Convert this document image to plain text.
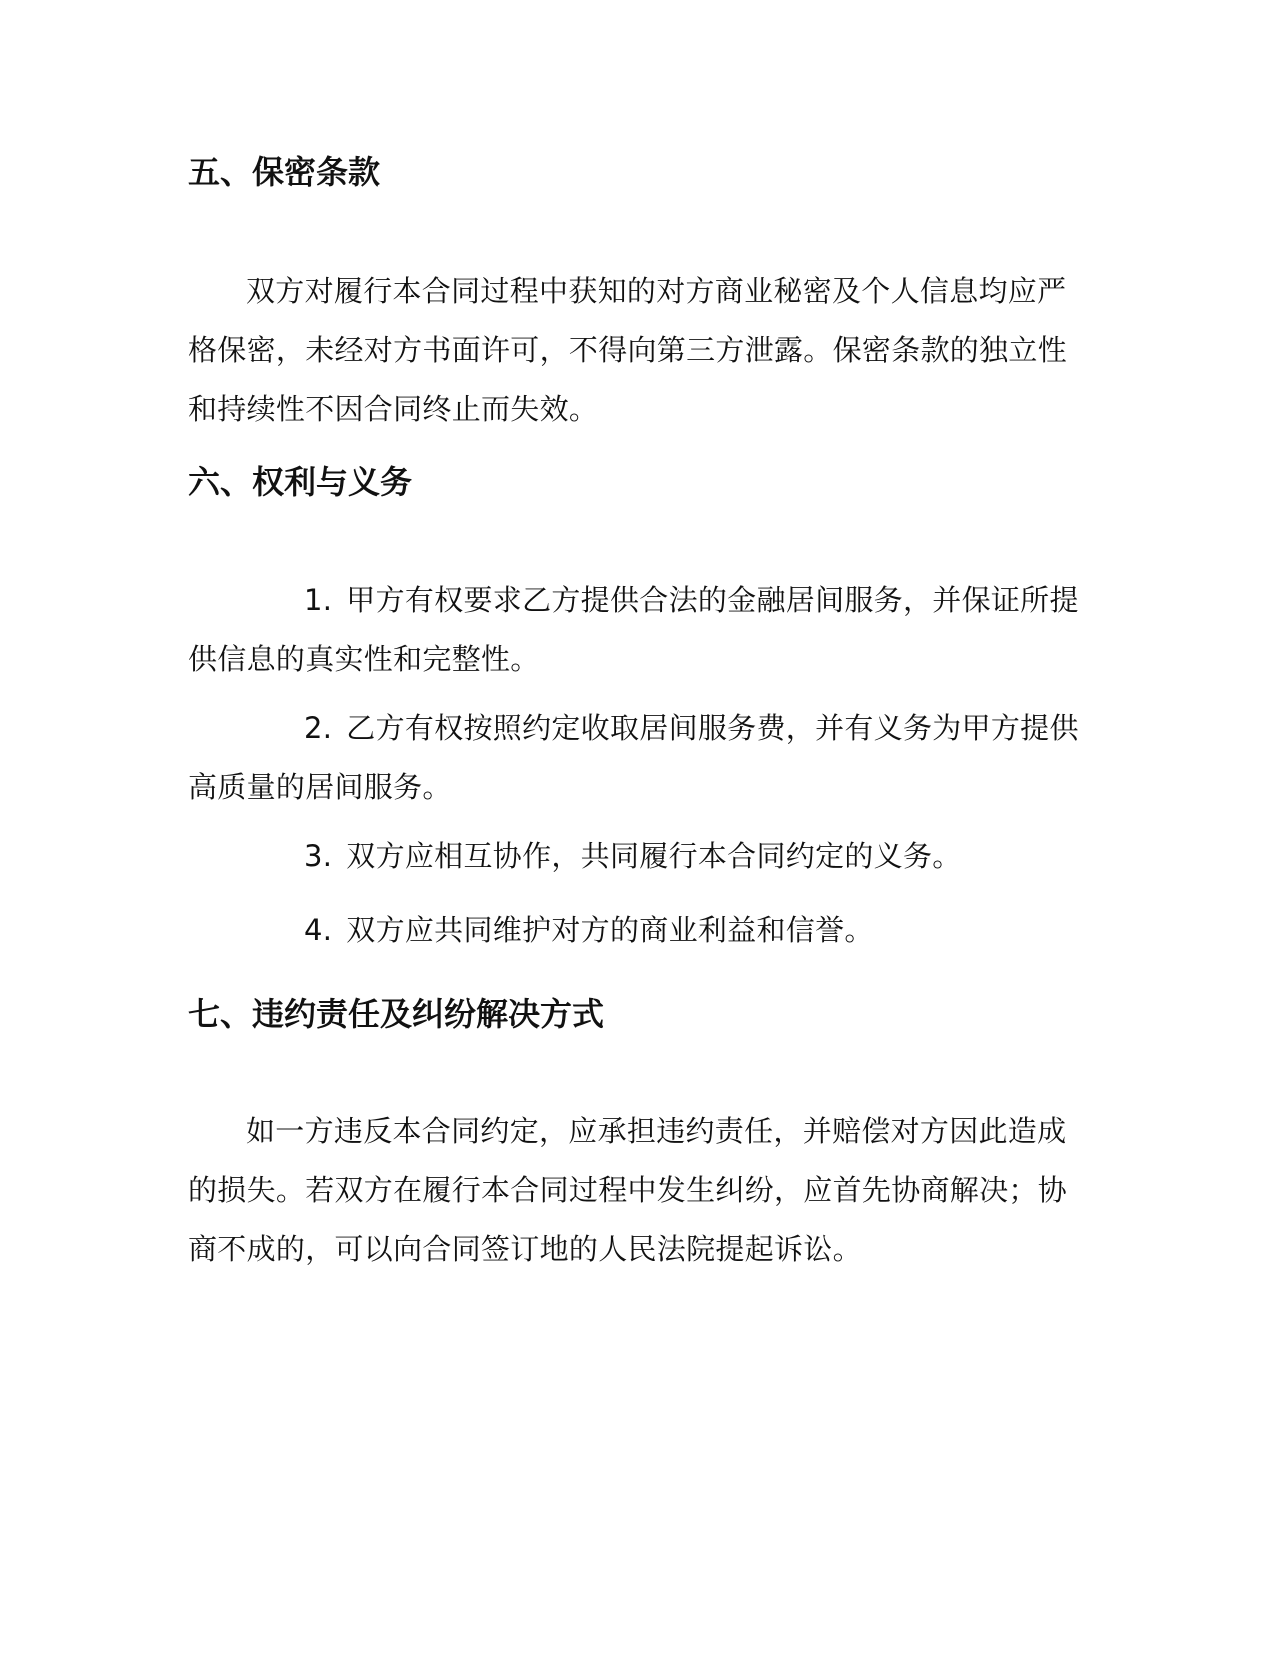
五、保密条款

双方对履行本合同过程中获知的对方商业秘密及个人信息均应严格保密，未经对方书面许可，不得向第三方泄露。保密条款的独立性和持续性不因合同终止而失效。

六、权利与义务

1. 甲方有权要求乙方提供合法的金融居间服务，并保证所提供信息的真实性和完整性。

2. 乙方有权按照约定收取居间服务费，并有义务为甲方提供高质量的居间服务。

3. 双方应相互协作，共同履行本合同约定的义务。

4. 双方应共同维护对方的商业利益和信誉。

七、违约责任及纠纷解决方式

如一方违反本合同约定，应承担违约责任，并赔偿对方因此造成的损失。若双方在履行本合同过程中发生纠纷，应首先协商解决；协商不成的，可以向合同签订地的人民法院提起诉讼。
